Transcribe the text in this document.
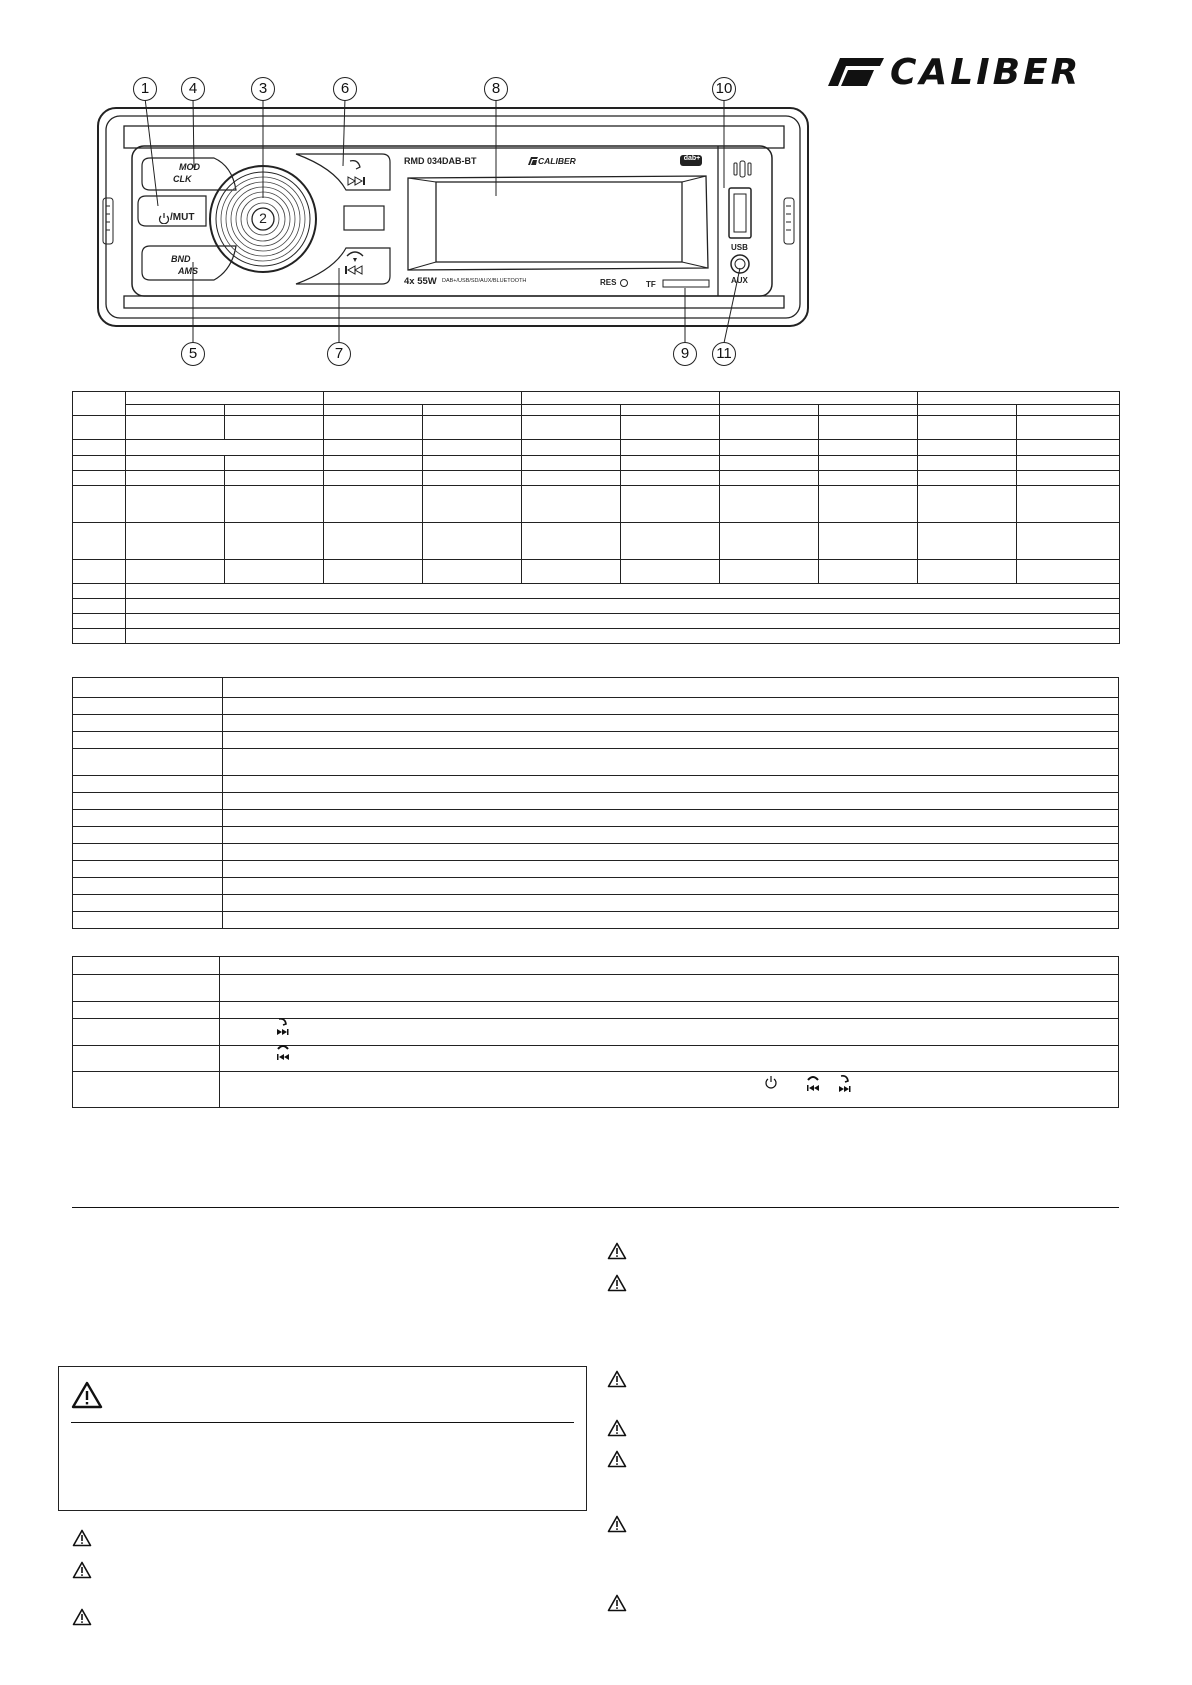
CALIBER
1	4	3	6	8	10
5	7	9	11
MOD
CLK
/MUT
BND
AMS
2
RMD 034DAB-BT	CALIBER	dab+
4x 55W DAB+/USB/SD/AUX/BLUETOOTH	RES	TF
USB
AUX
